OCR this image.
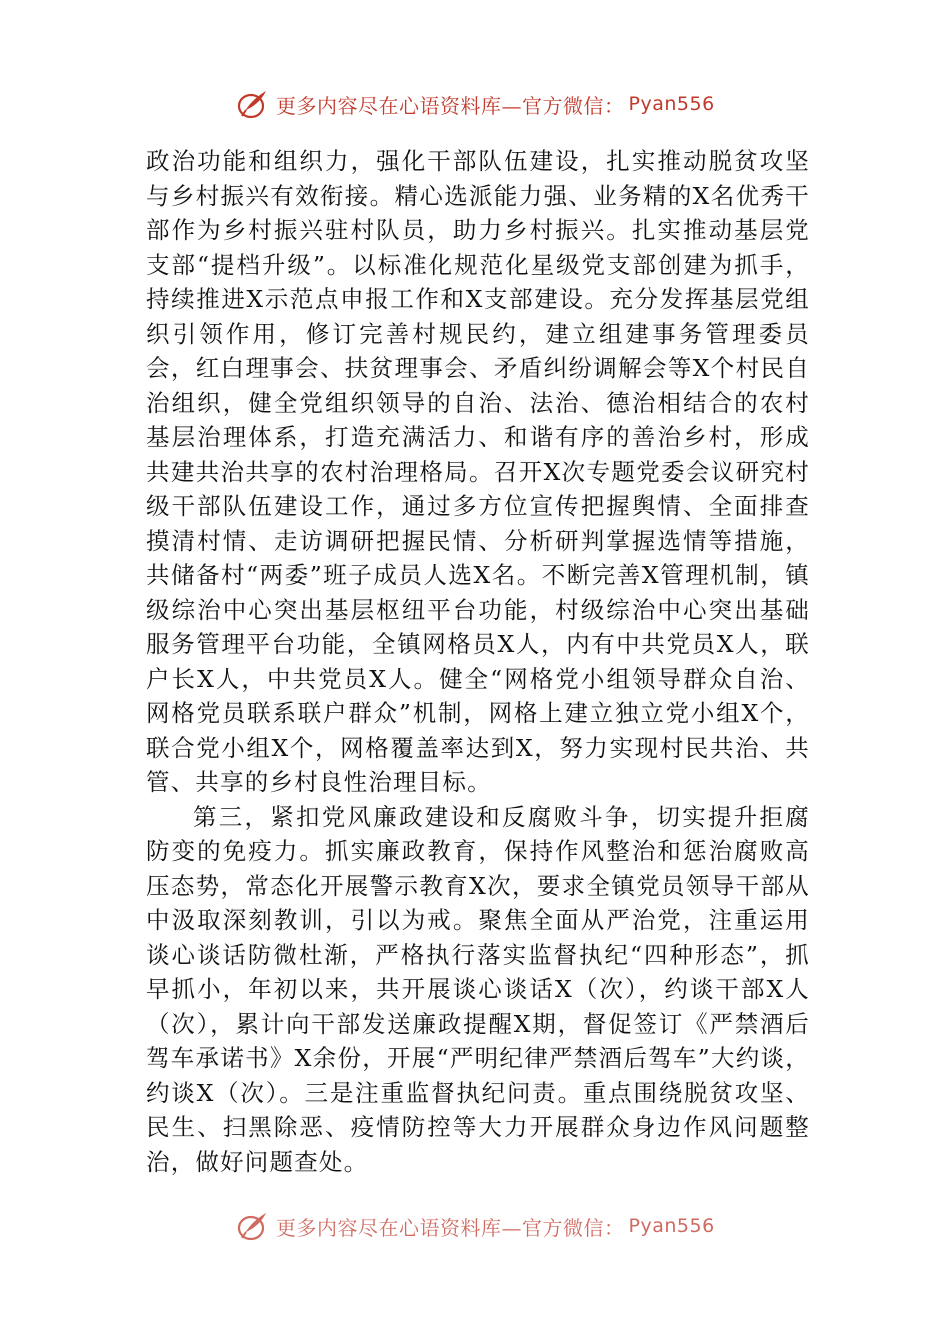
更多内容尽在心语资料库—官方微信： Pyan556

政治功能和组织力，强化干部队伍建设，扎实推动脱贫攻坚与乡村振兴有效衔接。精心选派能力强、业务精的X名优秀干部作为乡村振兴驻村队员，助力乡村振兴。扎实推动基层党支部“提档升级”。以标准化规范化星级党支部创建为抓手，持续推进X示范点申报工作和X支部建设。充分发挥基层党组织引领作用，修订完善村规民约，建立组建事务管理委员会，红白理事会、扶贫理事会、矛盾纠纷调解会等X个村民自治组织，健全党组织领导的自治、法治、德治相结合的农村基层治理体系，打造充满活力、和谐有序的善治乡村，形成共建共治共享的农村治理格局。召开X次专题党委会议研究村级干部队伍建设工作，通过多方位宣传把握舆情、全面排查摸清村情、走访调研把握民情、分析研判掌握选情等措施，共储备村“两委”班子成员人选X名。不断完善X管理机制，镇级综治中心突出基层枢纽平台功能，村级综治中心突出基础服务管理平台功能，全镇网格员X人，内有中共党员X人，联户长X人，中共党员X人。健全“网格党小组领导群众自治、网格党员联系联户群众”机制，网格上建立独立党小组X个，联合党小组X个，网格覆盖率达到X，努力实现村民共治、共管、共享的乡村良性治理目标。

第三，紧扣党风廉政建设和反腐败斗争，切实提升拒腐防变的免疫力。抓实廉政教育，保持作风整治和惩治腐败高压态势，常态化开展警示教育X次，要求全镇党员领导干部从中汲取深刻教训，引以为戒。聚焦全面从严治党，注重运用谈心谈话防微杜渐，严格执行落实监督执纪“四种形态”，抓早抓小，年初以来，共开展谈心谈话X（次），约谈干部X人（次），累计向干部发送廉政提醒X期，督促签订《严禁酒后驾车承诺书》X余份，开展“严明纪律严禁酒后驾车”大约谈，约谈X（次）。三是注重监督执纪问责。重点围绕脱贫攻坚、民生、扫黑除恶、疫情防控等大力开展群众身边作风问题整治，做好问题查处。

更多内容尽在心语资料库—官方微信： Pyan556
